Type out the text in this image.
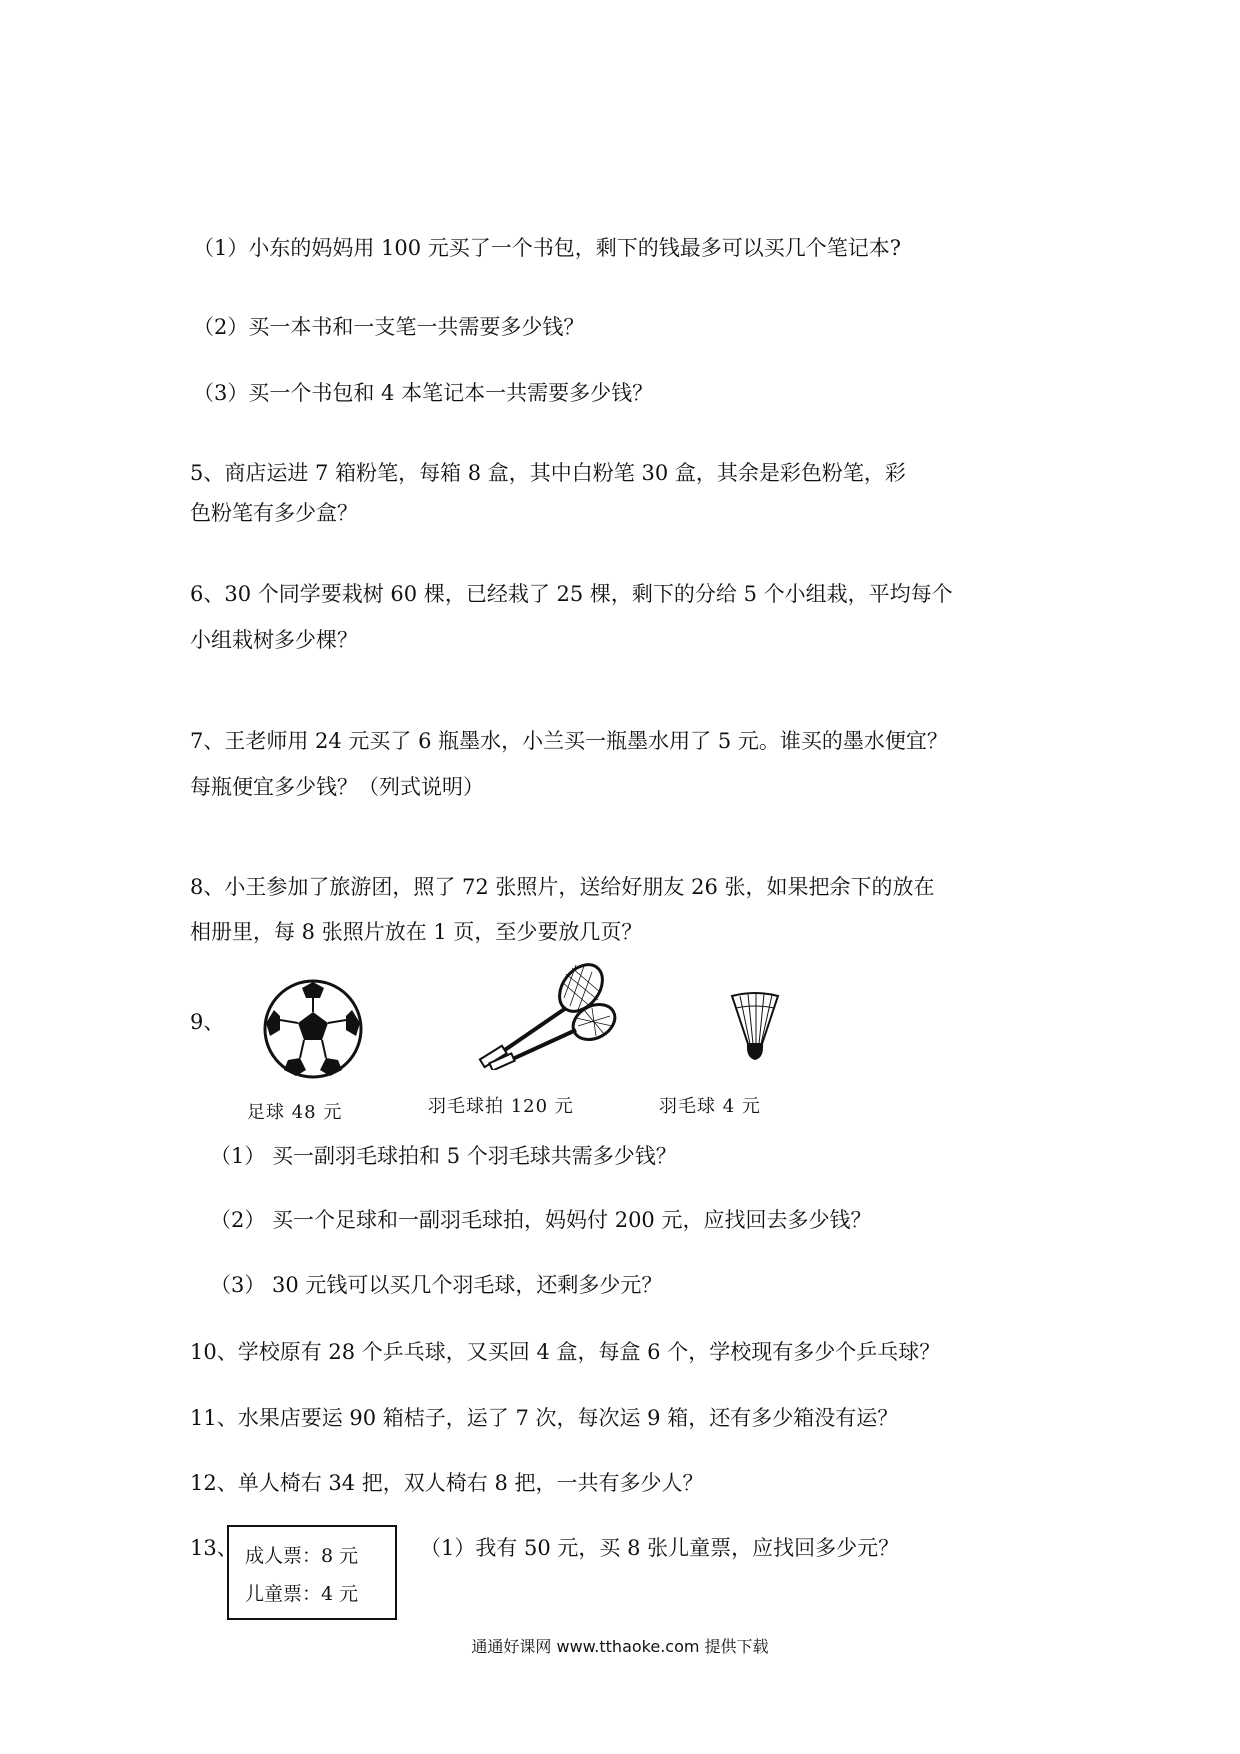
（1）小东的妈妈用 100 元买了一个书包，剩下的钱最多可以买几个笔记本?
（2）买一本书和一支笔一共需要多少钱？
（3）买一个书包和 4 本笔记本一共需要多少钱？
5、商店运进 7 箱粉笔，每箱 8 盒，其中白粉笔 30 盒，其余是彩色粉笔，彩
色粉笔有多少盒？
6、30 个同学要栽树 60 棵，已经栽了 25 棵，剩下的分给 5 个小组栽，平均每个
小组栽树多少棵？
7、王老师用 24 元买了 6 瓶墨水，小兰买一瓶墨水用了 5 元。谁买的墨水便宜？
每瓶便宜多少钱？（列式说明）
8、小王参加了旅游团，照了 72 张照片，送给好朋友 26 张，如果把余下的放在
相册里，每 8 张照片放在 1 页，至少要放几页？
9、
足球 48 元	羽毛球拍 120 元	羽毛球 4 元
（1） 买一副羽毛球拍和 5 个羽毛球共需多少钱？
（2） 买一个足球和一副羽毛球拍，妈妈付 200 元，应找回去多少钱？
（3） 30 元钱可以买几个羽毛球，还剩多少元？
10、学校原有 28 个乒乓球，又买回 4 盒，每盒 6 个，学校现有多少个乒乓球？
11、水果店要运 90 箱桔子，运了 7 次，每次运 9 箱，还有多少箱没有运？
12、单人椅右 34 把，双人椅右 8 把，一共有多少人？
13、 成人票：8 元
儿童票：4 元
（1）我有 50 元，买 8 张儿童票，应找回多少元？
通通好课网 www.tthaoke.com 提供下载
